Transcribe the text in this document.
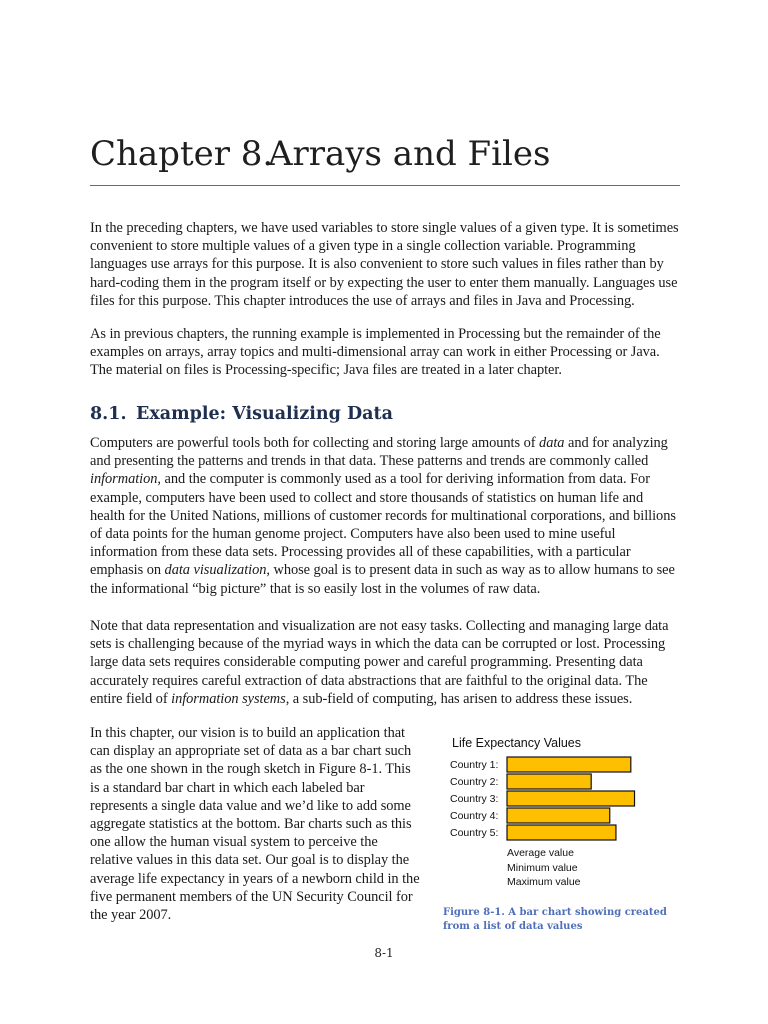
Chapter 8.Arrays and Files

In the preceding chapters, we have used variables to store single values of a given type. It is sometimes convenient to store multiple values of a given type in a single collection variable. Programming languages use arrays for this purpose. It is also convenient to store such values in files rather than by hard-coding them in the program itself or by expecting the user to enter them manually. Languages use files for this purpose. This chapter introduces the use of arrays and files in Java and Processing.

As in previous chapters, the running example is implemented in Processing but the remainder of the examples on arrays, array topics and multi-dimensional array can work in either Processing or Java. The material on files is Processing-specific; Java files are treated in a later chapter.

8.1. Example: Visualizing Data

Computers are powerful tools both for collecting and storing large amounts of data and for analyzing and presenting the patterns and trends in that data. These patterns and trends are commonly called information, and the computer is commonly used as a tool for deriving information from data. For example, computers have been used to collect and store thousands of statistics on human life and health for the United Nations, millions of customer records for multinational corporations, and billions of data points for the human genome project. Computers have also been used to mine useful information from these data sets. Processing provides all of these capabilities, with a particular emphasis on data visualization, whose goal is to present data in such as way as to allow humans to see the informational “big picture” that is so easily lost in the volumes of raw data.

Note that data representation and visualization are not easy tasks. Collecting and managing large data sets is challenging because of the myriad ways in which the data can be corrupted or lost. Processing large data sets requires considerable computing power and careful programming. Presenting data accurately requires careful extraction of data abstractions that are faithful to the original data. The entire field of information systems, a sub-field of computing, has arisen to address these issues.

In this chapter, our vision is to build an application that can display an appropriate set of data as a bar chart such as the one shown in the rough sketch in Figure 8-1. This is a standard bar chart in which each labeled bar represents a single data value and we’d like to add some aggregate statistics at the bottom. Bar charts such as this one allow the human visual system to perceive the relative values in this data set. Our goal is to display the average life expectancy in years of a newborn child in the five permanent members of the UN Security Council for the year 2007.

Life Expectancy Values

Country 1:
Country 2:
Country 3:
Country 4:
Country 5:
Average value
Minimum value
Maximum value

Figure 8-1. A bar chart showing created from a list of data values

8-1
